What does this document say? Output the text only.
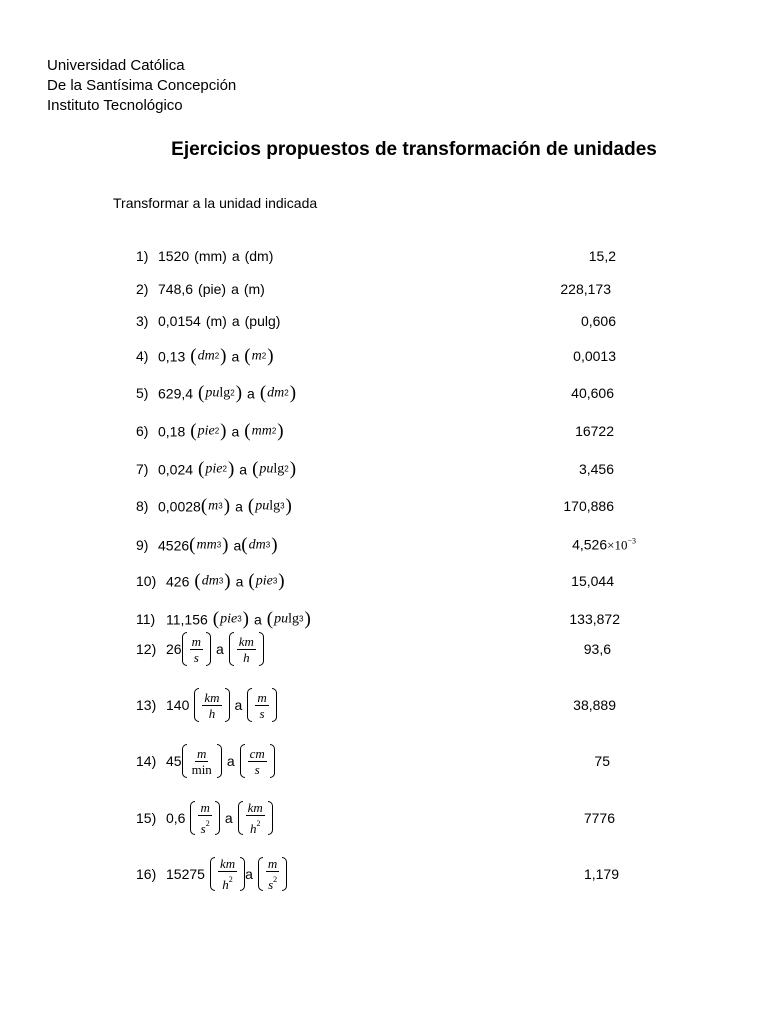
Universidad Católica
De la Santísima Concepción
Instituto Tecnológico
Ejercicios propuestos de transformación de unidades
Transformar a la unidad indicada
1) 1520 (mm) a (dm)	15,2
2) 748,6 (pie) a (m)	228,173
3) 0,0154 (m) a (pulg)	0,606
4) 0,13 ( dm 2 ) a ( m 2 )	0,0013
5) 629,4 ( pu lg 2 ) a ( dm 2 )	40,606
6) 0,18 ( pie 2 ) a ( mm 2 )	16722
7) 0,024 ( pie 2 ) a ( pu lg 2 )	3,456
8) 0,0028 ( m 3 ) a ( pu lg 3 )	170,886
9) 4526 ( mm 3 ) a ( dm 3 )	$4,526\times 10^{-3}$
10) 426 ( dm 3 ) a ( pie 3 )	15,044
11) 11,156 ( pie 3 ) a ( pu lg 3 )	133,872
12) $26 \frac{m}{s}$ a $\frac{km}{h}$	93,6
13) $140 \frac{km}{h}$ a $\frac{m}{s}$	38,889
14) $45 \frac{m}{\min}$ a $\frac{cm}{s}$	75
15) $0,6 \frac{m}{s^2}$ a $\frac{km}{h^2}$	7776
16) $15275 \frac{km}{h^2}$ a $\frac{m}{s^2}$	1,179
